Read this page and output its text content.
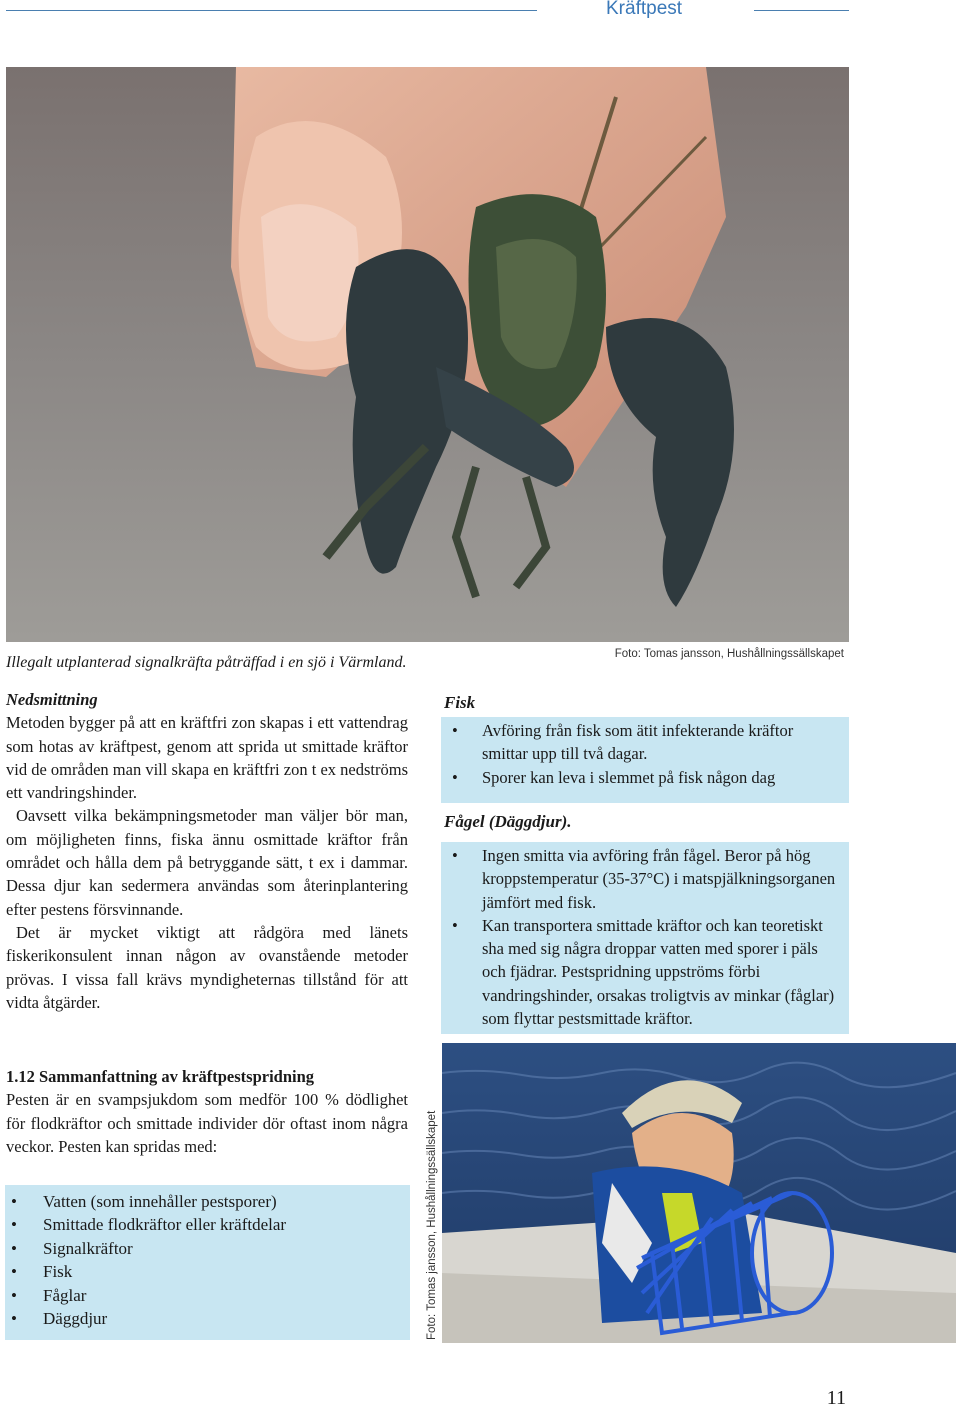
Kräftpest
Illegalt utplanterad signalkräfta påträffad i en sjö i Värmland.	Foto: Tomas jansson, Hushållningssällskapet
Nedsmittning

Metoden bygger på att en kräftfri zon skapas i ett vattendrag som hotas av kräftpest, genom att sprida ut smittade kräftor vid de områden man vill skapa en kräftfri zon t ex nedströms ett vandringshinder.

Oavsett vilka bekämpningsmetoder man väljer bör man, om möjligheten finns, fiska ännu osmittade kräftor från området och hålla dem på betryggande sätt, t ex i dammar. Dessa djur kan sedermera användas som återinplantering efter pestens försvinnande.

Det är mycket viktigt att rådgöra med länets fiskerikonsulent innan någon av ovanstående metoder prövas. I vissa fall krävs myndigheternas tillstånd för att vidta åtgärder.

1.12 Sammanfattning av kräftpestspridning

Pesten är en svampsjukdom som medför 100 % dödlighet för flodkräftor och smittade individer dör oftast inom några veckor. Pesten kan spridas med:

• Vatten (som innehåller pestsporer)
• Smittade flodkräftor eller kräftdelar
• Signalkräftor
• Fisk
• Fåglar
• Däggdjur
Fisk
• Avföring från fisk som ätit infekterande kräftor smittar upp till två dagar.
• Sporer kan leva i slemmet på fisk någon dag
Fågel (Däggdjur).
• Ingen smitta via avföring från fågel. Beror på hög kroppstemperatur (35-37°C) i matspjälkningsorganen jämfört med fisk.
• Kan transportera smittade kräftor och kan teoretiskt sha med sig några droppar vatten med sporer i päls och fjädrar. Pestspridning uppströms förbi vandringshinder, orsakas troligtvis av minkar (fåglar) som flyttar pestsmittade kräftor.
Foto: Tomas jansson, Hushållningssällskapet
11
